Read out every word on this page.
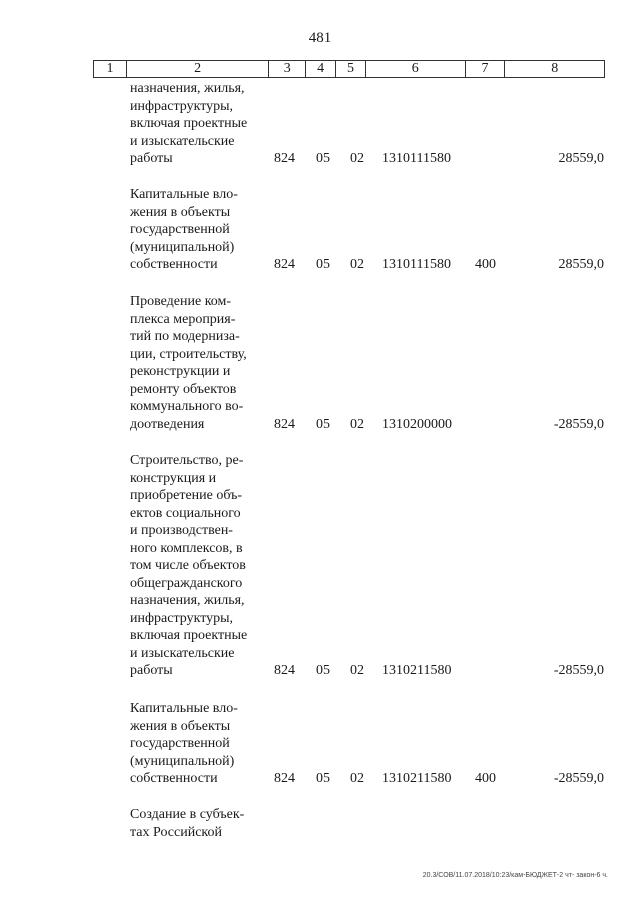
481
1	2	3	4	5	6	7	8
назначения, жилья,
инфраструктуры,
включая проектные
и изыскательские
работы	824 05 02 1310111580	28559,0
Капитальные вло-
жения в объекты
государственной
(муниципальной)
собственности	824 05 02 1310111580 400	28559,0
Проведение ком-
плекса мероприя-
тий по модерниза-
ции, строительству,
реконструкции и
ремонту объектов
коммунального во-
доотведения	824 05 02 1310200000	-28559,0
Строительство, ре-
конструкция и
приобретение объ-
ектов социального
и производствен-
ного комплексов, в
том числе объектов
общегражданского
назначения, жилья,
инфраструктуры,
включая проектные
и изыскательские
работы	824 05 02 1310211580	-28559,0
Капитальные вло-
жения в объекты
государственной
(муниципальной)
собственности	824 05 02 1310211580 400	-28559,0
Создание в субъек-
тах Российской
20.3/СОВ/11.07.2018/10:23/кам-БЮДЖЕТ-2 чт- закон-6 ч.
